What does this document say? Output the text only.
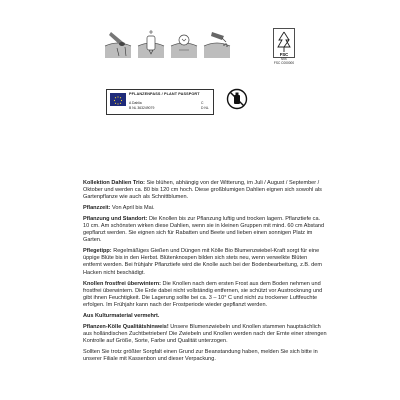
FSC
MIX
FSC C000000
PFLANZENPASS / PLANT PASSPORT
A Dahlia
B NL 363249079
C
D NL

Kollektion Dahlien Trio: Sie blühen, abhängig von der Witterung, im Juli / August / September / Oktober und werden ca. 80 bis 120 cm hoch. Diese großblumigen Dahlien eignen sich sowohl als Gartenpflanze wie auch als Schnittblumen.

Pflanzzeit: Von April bis Mai.

Pflanzung und Standort: Die Knollen bis zur Pflanzung luftig und trocken lagern. Pflanztiefe ca. 10 cm. Am schönsten wirken diese Dahlien, wenn sie in kleinen Gruppen mit mind. 60 cm Abstand gepflanzt werden. Sie eignen sich für Rabatten und Beete und lieben einen sonnigen Platz im Garten.

Pflegetipp: Regelmäßiges Gießen und Düngen mit Kölle Bio Blumenzwiebel-Kraft sorgt für eine üppige Blüte bis in den Herbst. Blütenknospen bilden sich stets neu, wenn verwelkte Blüten entfernt werden. Bei frühjahr Pflanztiefe wird die Knolle auch bei der Bodenbearbeitung, z.B. dem Hacken nicht beschädigt.

Knollen frostfrei überwintern: Die Knollen nach dem ersten Frost aus dem Boden nehmen und frostfrei überwintern. Die Erde dabei nicht vollständig entfernen, sie schützt vor Austrocknung und gibt ihnen Feuchtigkeit. Die Lagerung sollte bei ca. 3 – 10° C und nicht zu trockener Luftfeuchte erfolgen. Im Frühjahr kann nach der Frostperiode wieder gepflanzt werden.

Aus Kulturmaterial vermehrt.

Pflanzen-Kölle Qualitätshinweis! Unsere Blumenzwiebeln und Knollen stammen hauptsächlich aus holländischen Zuchtbetrieben! Die Zwiebeln und Knollen werden nach der Ernte einer strengen Kontrolle auf Größe, Sorte, Farbe und Qualität unterzogen.

Sollten Sie trotz größter Sorgfalt einen Grund zur Beanstandung haben, melden Sie sich bitte in unserer Filiale mit Kassenbon und dieser Verpackung.
